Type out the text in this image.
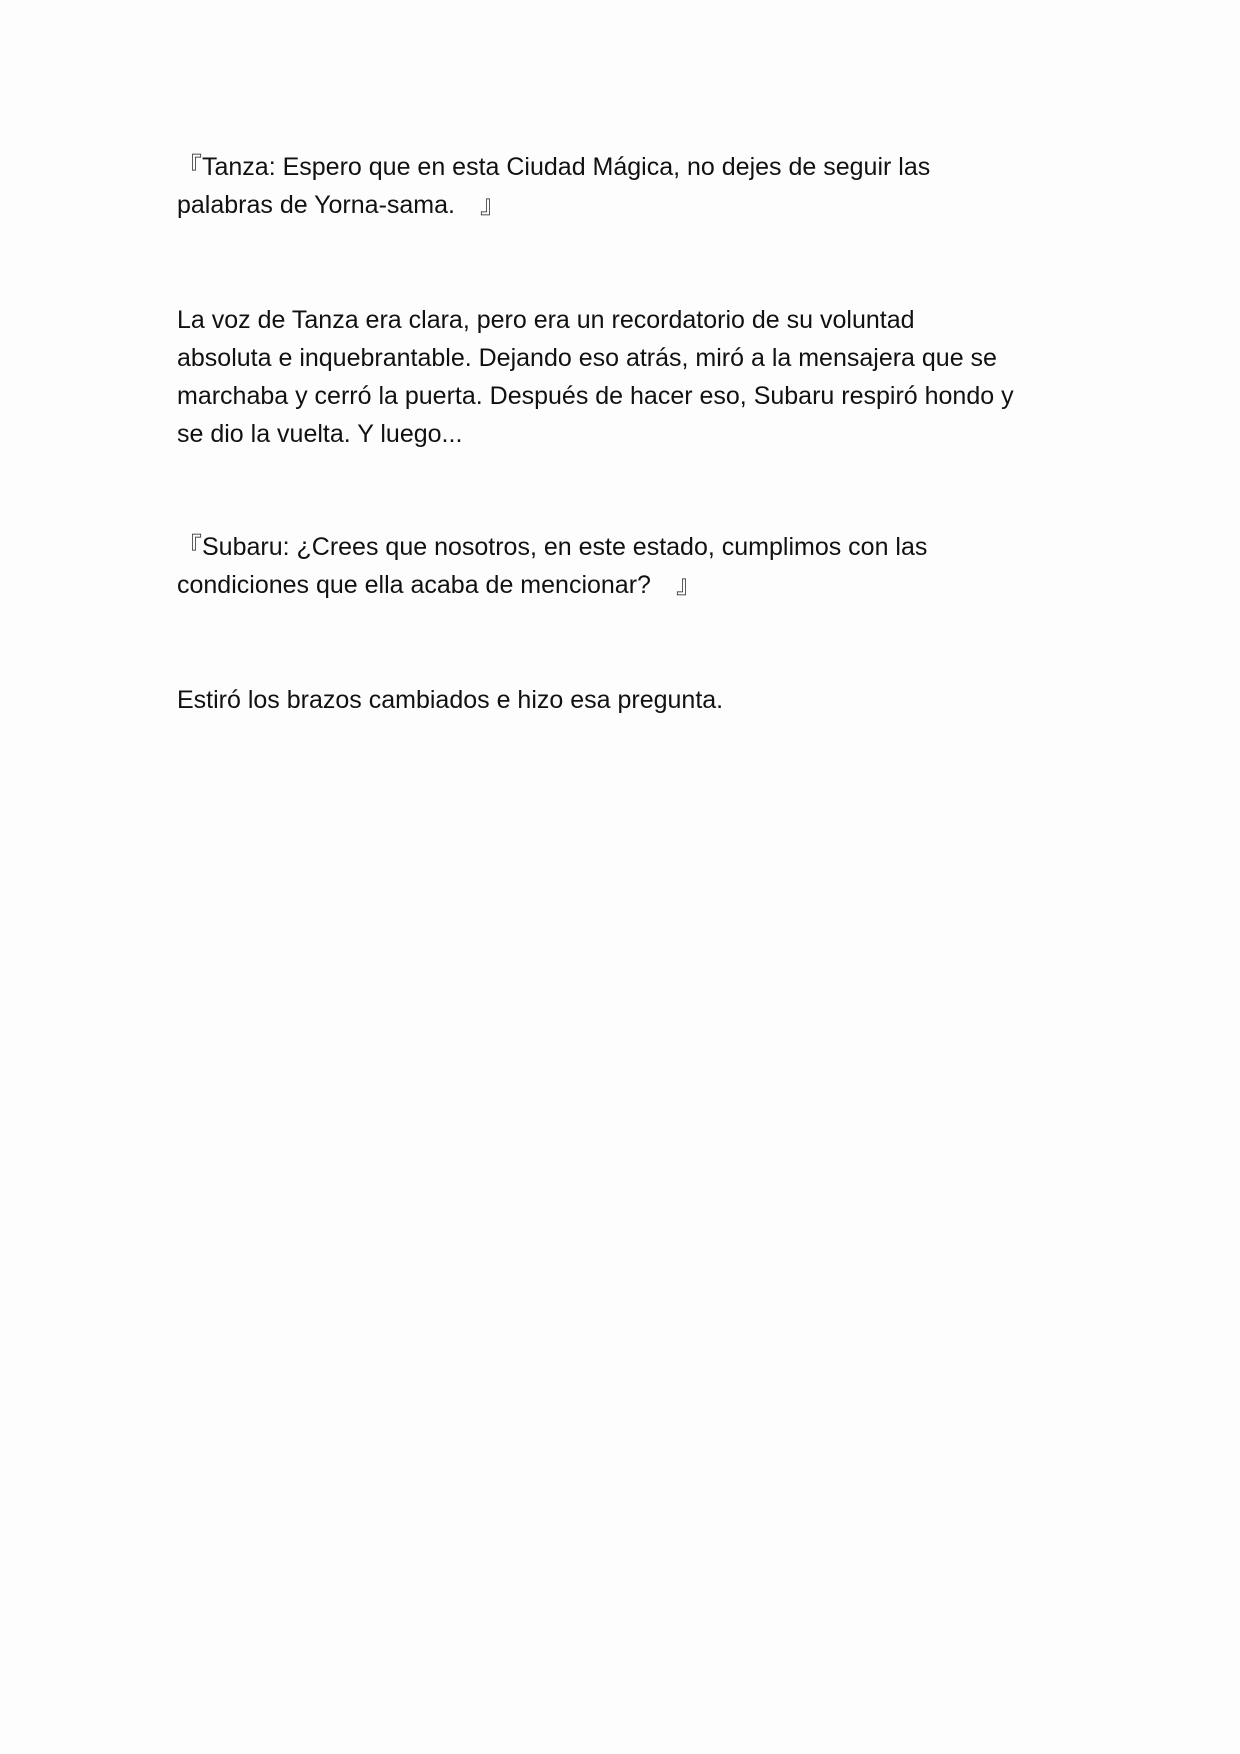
『Tanza: Espero que en esta Ciudad Mágica, no dejes de seguir las
palabras de Yorna-sama.　』

La voz de Tanza era clara, pero era un recordatorio de su voluntad
absoluta e inquebrantable. Dejando eso atrás, miró a la mensajera que se
marchaba y cerró la puerta. Después de hacer eso, Subaru respiró hondo y
se dio la vuelta. Y luego...

『Subaru: ¿Crees que nosotros, en este estado, cumplimos con las
condiciones que ella acaba de mencionar?　』

Estiró los brazos cambiados e hizo esa pregunta.
